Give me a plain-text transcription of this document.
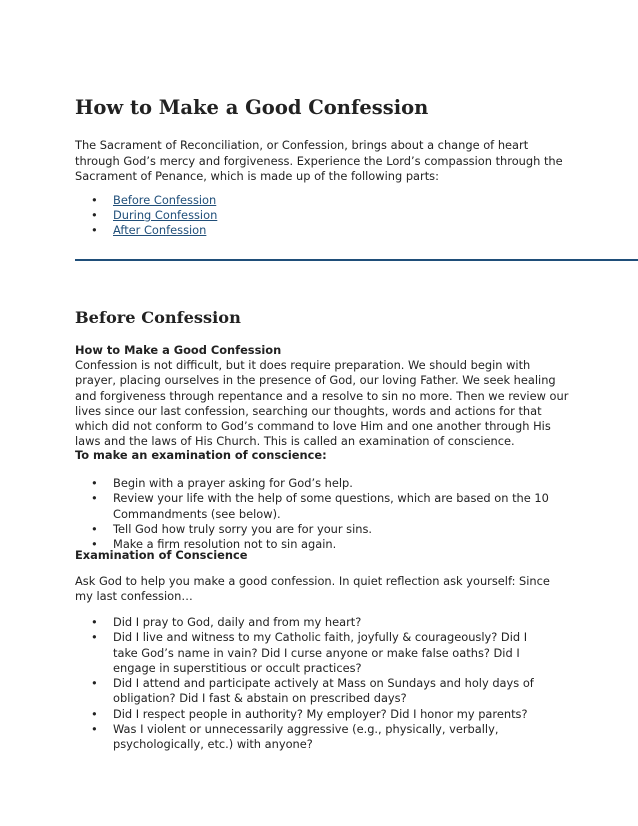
How to Make a Good Confession

The Sacrament of Reconciliation, or Confession, brings about a change of heart through God’s mercy and forgiveness. Experience the Lord’s compassion through the Sacrament of Penance, which is made up of the following parts:

• Before Confession
• During Confession
• After Confession
Before Confession

How to Make a Good Confession

Confession is not difficult, but it does require preparation. We should begin with prayer, placing ourselves in the presence of God, our loving Father. We seek healing and forgiveness through repentance and a resolve to sin no more. Then we review our lives since our last confession, searching our thoughts, words and actions for that which did not conform to God’s command to love Him and one another through His laws and the laws of His Church. This is called an examination of conscience.

To make an examination of conscience:

• Begin with a prayer asking for God’s help.
• Review your life with the help of some questions, which are based on the 10 Commandments (see below).
• Tell God how truly sorry you are for your sins.
• Make a firm resolution not to sin again.

Examination of Conscience

Ask God to help you make a good confession. In quiet reflection ask yourself: Since my last confession…

• Did I pray to God, daily and from my heart?
• Did I live and witness to my Catholic faith, joyfully & courageously? Did I take God’s name in vain? Did I curse anyone or make false oaths? Did I engage in superstitious or occult practices?
• Did I attend and participate actively at Mass on Sundays and holy days of obligation? Did I fast & abstain on prescribed days?
• Did I respect people in authority? My employer? Did I honor my parents?
• Was I violent or unnecessarily aggressive (e.g., physically, verbally, psychologically, etc.) with anyone?
